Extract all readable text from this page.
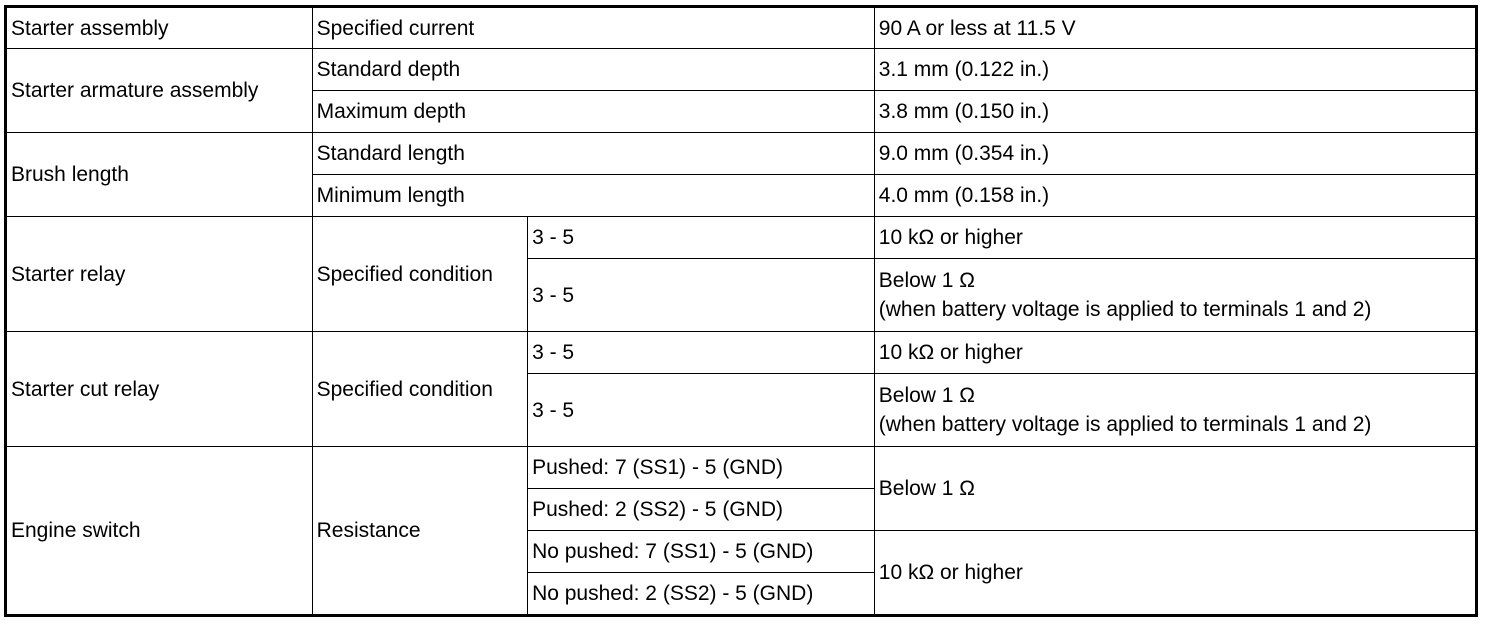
Starter assembly	Specified current		90 A or less at 11.5 V
Starter armature assembly	Standard depth		3.1 mm (0.122 in.)
	Maximum depth		3.8 mm (0.150 in.)
Brush length	Standard length		9.0 mm (0.354 in.)
	Minimum length		4.0 mm (0.158 in.)
Starter relay	Specified condition	3 - 5	10 kΩ or higher
		3 - 5	Below 1 Ω
(when battery voltage is applied to terminals 1 and 2)

Starter cut relay	Specified condition	3 - 5	10 kΩ or higher
		3 - 5	Below 1 Ω
(when battery voltage is applied to terminals 1 and 2)

Engine switch	Resistance	Pushed: 7 (SS1) - 5 (GND)	Below 1 Ω
		Pushed: 2 (SS2) - 5 (GND)	
		No pushed: 7 (SS1) - 5 (GND)	10 kΩ or higher
		No pushed: 2 (SS2) - 5 (GND)	
